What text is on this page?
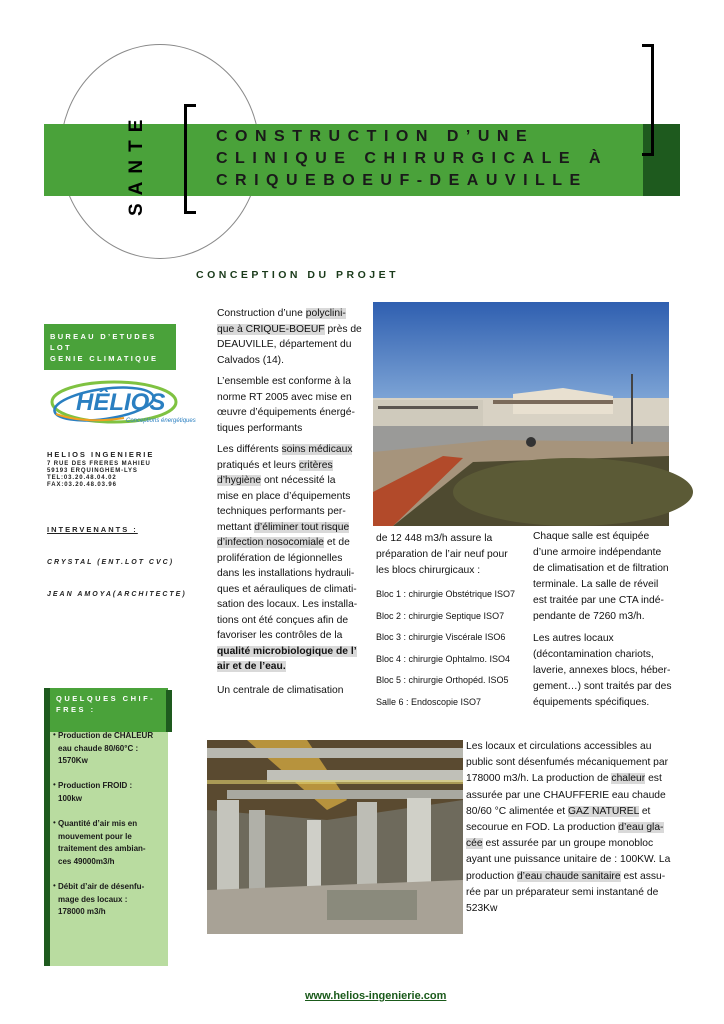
SANTE	CONSTRUCTION D’UNE
CLINIQUE CHIRURGICALE À
CRIQUEBOEUF-DEAUVILLE
CONCEPTION DU PROJET
BUREAU D’ETUDES
LOT
GENIE CLIMATIQUE
HÊLIOS
Conceptions énergétiques
HELIOS INGENIERIE
7 RUE DES FRERES MAHIEU
59193 ERQUINGHEM-LYS
TEL:03.20.48.04.02
FAX:03.20.48.03.96
INTERVENANTS :
CRYSTAL (ENT.LOT CVC)
JEAN AMOYA(ARCHITECTE)
QUELQUES CHIF-
FRES :
• Production de CHALEUR
eau chaude 80/60°C :
1570Kw
• Production FROID :
100kw
• Quantité d’air mis en
mouvement pour le
traitement des ambian-
ces 49000m3/h
• Débit d’air de désenfu-
mage des locaux :
178000 m3/h

Construction d’une polyclini-
que à CRIQUE-BOEUF près de
DEAUVILLE, département du
Calvados (14).

L’ensemble est conforme à la
norme RT 2005 avec mise en
œuvre d’équipements énergé-
tiques performants

Les différents soins médicaux
pratiqués et leurs critères
d’hygiène ont nécessité la
mise en place d’équipements
techniques performants per-
mettant d’éliminer tout risque
d’infection nosocomiale et de
prolifération de légionnelles
dans les installations hydrauli-
ques et aérauliques de climati-
sation des locaux. Les installa-
tions ont été conçues afin de
favoriser les contrôles de la
qualité microbiologique de l’
air et de l’eau.

Un centrale de climatisation

de 12 448 m3/h assure la
préparation de l’air neuf pour
les blocs chirurgicaux :
Bloc 1 : chirurgie Obstétrique ISO7
Bloc 2 : chirurgie Septique ISO7
Bloc 3 : chirurgie Viscérale ISO6
Bloc 4 : chirurgie Ophtalmo. ISO4
Bloc 5 : chirurgie Orthopéd. ISO5
Salle 6 : Endoscopie ISO7

Chaque salle est équipée
d’une armoire indépendante
de climatisation et de filtration
terminale. La salle de réveil
est traitée par une CTA indé-
pendante de 7260 m3/h.

Les autres locaux
(décontamination chariots,
laverie, annexes blocs, héber-
gement…) sont traités par des
équipements spécifiques.

Les locaux et circulations accessibles au
public sont désenfumés mécaniquement par
178000 m3/h. La production de chaleur est
assurée par une CHAUFFERIE eau chaude
80/60 °C alimentée et GAZ NATUREL et
secourue en FOD. La production d’eau gla-
cée est assurée par un groupe monobloc
ayant une puissance unitaire de : 100KW. La
production d’eau chaude sanitaire est assu-
rée par un préparateur semi instantané de
523Kw
www.helios-ingenierie.com
